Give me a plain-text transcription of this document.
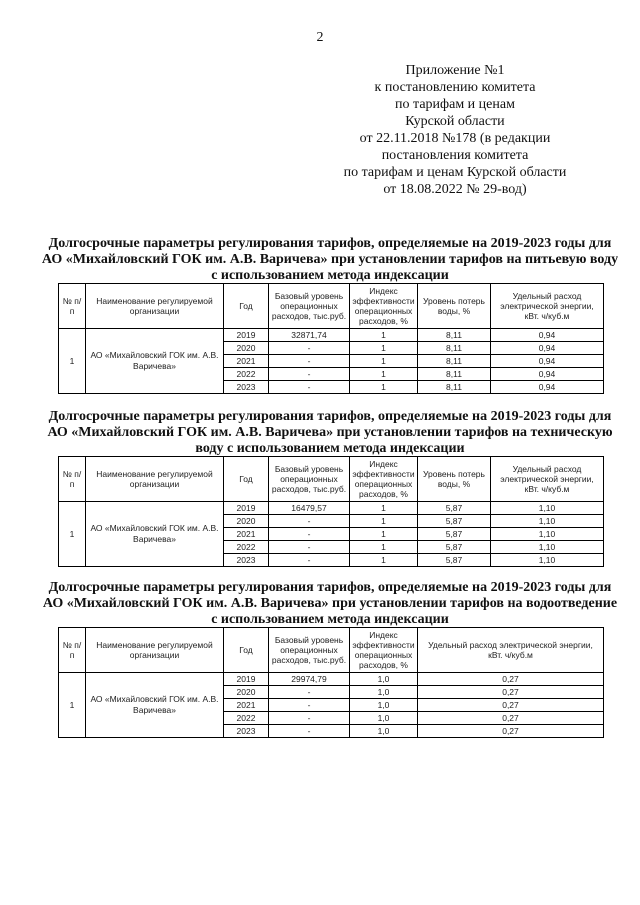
2
Приложение №1
к постановлению комитета
по тарифам и ценам
Курской области
от 22.11.2018 №178 (в редакции
постановления комитета
по тарифам и ценам Курской области
от 18.08.2022 № 29-вод)
Долгосрочные параметры регулирования тарифов, определяемые на 2019-2023 годы для АО «Михайловский ГОК им. А.В. Варичева» при установлении тарифов на питьевую воду с использованием метода индексации
№ п/п	Наименование регулируемой организации	Год	Базовый уровень операционных расходов, тыс.руб.	Индекс эффективности операционных расходов, %	Уровень потерь воды, %	Удельный расход электрической энергии, кВт. ч/куб.м
1	АО «Михайловский ГОК им. А.В. Варичева»	2019	32871,74	1	8,11	0,94
		2020	-	1	8,11	0,94
		2021	-	1	8,11	0,94
		2022	-	1	8,11	0,94
		2023	-	1	8,11	0,94
Долгосрочные параметры регулирования тарифов, определяемые на 2019-2023 годы для АО «Михайловский ГОК им. А.В. Варичева» при установлении тарифов на техническую воду с использованием метода индексации
№ п/п	Наименование регулируемой организации	Год	Базовый уровень операционных расходов, тыс.руб.	Индекс эффективности операционных расходов, %	Уровень потерь воды, %	Удельный расход электрической энергии, кВт. ч/куб.м
1	АО «Михайловский ГОК им. А.В. Варичева»	2019	16479,57	1	5,87	1,10
		2020	-	1	5,87	1,10
		2021	-	1	5,87	1,10
		2022	-	1	5,87	1,10
		2023	-	1	5,87	1,10
Долгосрочные параметры регулирования тарифов, определяемые на 2019-2023 годы для АО «Михайловский ГОК им. А.В. Варичева» при установлении тарифов на водоотведение с использованием метода индексации
№ п/п	Наименование регулируемой организации	Год	Базовый уровень операционных расходов, тыс.руб.	Индекс эффективности операционных расходов, %	Удельный расход электрической энергии, кВт. ч/куб.м
1	АО «Михайловский ГОК им. А.В. Варичева»	2019	29974,79	1,0	0,27
		2020	-	1,0	0,27
		2021	-	1,0	0,27
		2022	-	1,0	0,27
		2023	-	1,0	0,27
